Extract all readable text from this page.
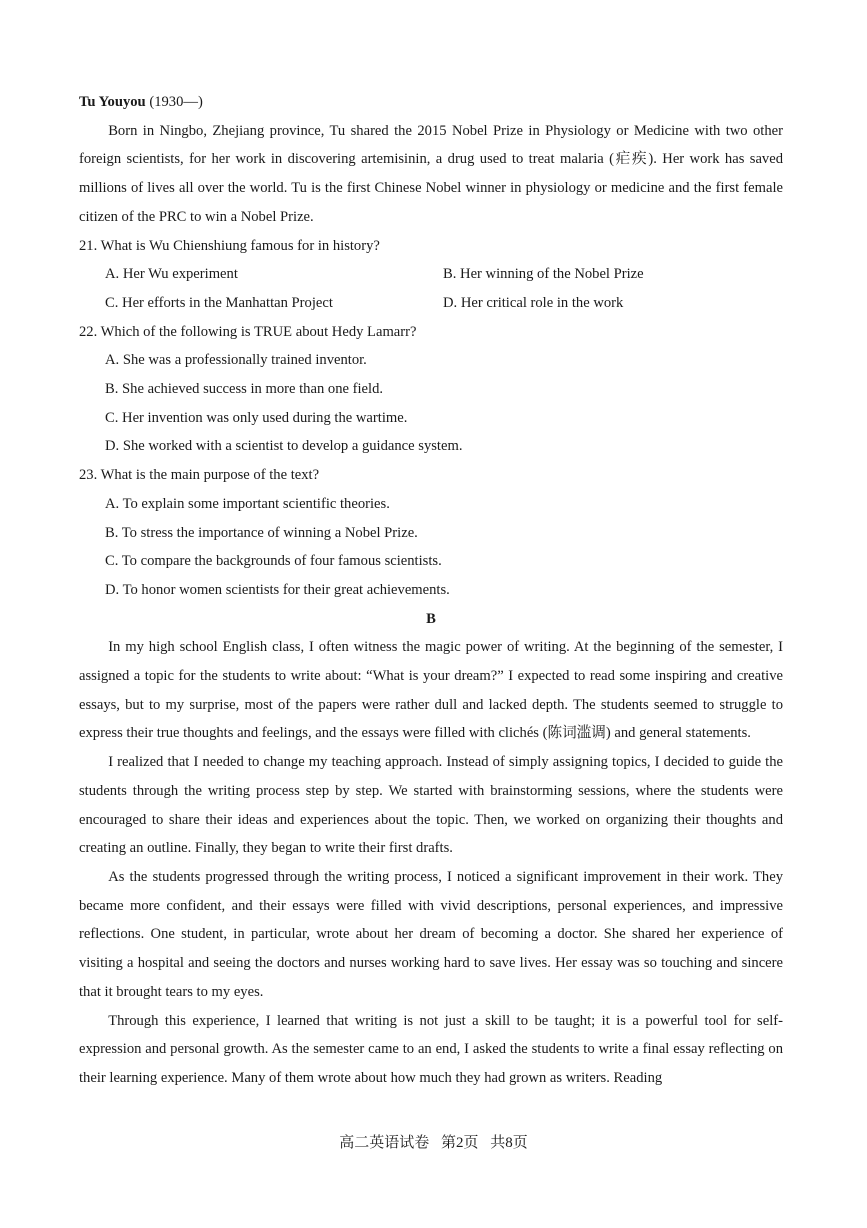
Tu Youyou (1930—)

Born in Ningbo, Zhejiang province, Tu shared the 2015 Nobel Prize in Physiology or Medicine with two other foreign scientists, for her work in discovering artemisinin, a drug used to treat malaria (疟疾). Her work has saved millions of lives all over the world. Tu is the first Chinese Nobel winner in physiology or medicine and the first female citizen of the PRC to win a Nobel Prize.

21. What is Wu Chienshiung famous for in history?

A. Her Wu experiment	B. Her winning of the Nobel Prize
C. Her efforts in the Manhattan Project	D. Her critical role in the work

22. Which of the following is TRUE about Hedy Lamarr?

A. She was a professionally trained inventor.

B. She achieved success in more than one field.

C. Her invention was only used during the wartime.

D. She worked with a scientist to develop a guidance system.

23. What is the main purpose of the text?

A. To explain some important scientific theories.

B. To stress the importance of winning a Nobel Prize.

C. To compare the backgrounds of four famous scientists.

D. To honor women scientists for their great achievements.

B

In my high school English class, I often witness the magic power of writing. At the beginning of the semester, I assigned a topic for the students to write about: “What is your dream?” I expected to read some inspiring and creative essays, but to my surprise, most of the papers were rather dull and lacked depth. The students seemed to struggle to express their true thoughts and feelings, and the essays were filled with clichés (陈词滥调) and general statements.

I realized that I needed to change my teaching approach. Instead of simply assigning topics, I decided to guide the students through the writing process step by step. We started with brainstorming sessions, where the students were encouraged to share their ideas and experiences about the topic. Then, we worked on organizing their thoughts and creating an outline. Finally, they began to write their first drafts.

As the students progressed through the writing process, I noticed a significant improvement in their work. They became more confident, and their essays were filled with vivid descriptions, personal experiences, and impressive reflections. One student, in particular, wrote about her dream of becoming a doctor. She shared her experience of visiting a hospital and seeing the doctors and nurses working hard to save lives. Her essay was so touching and sincere that it brought tears to my eyes.

Through this experience, I learned that writing is not just a skill to be taught; it is a powerful tool for self-expression and personal growth. As the semester came to an end, I asked the students to write a final essay reflecting on their learning experience. Many of them wrote about how much they had grown as writers. Reading

高二英语试卷 第2页 共8页
